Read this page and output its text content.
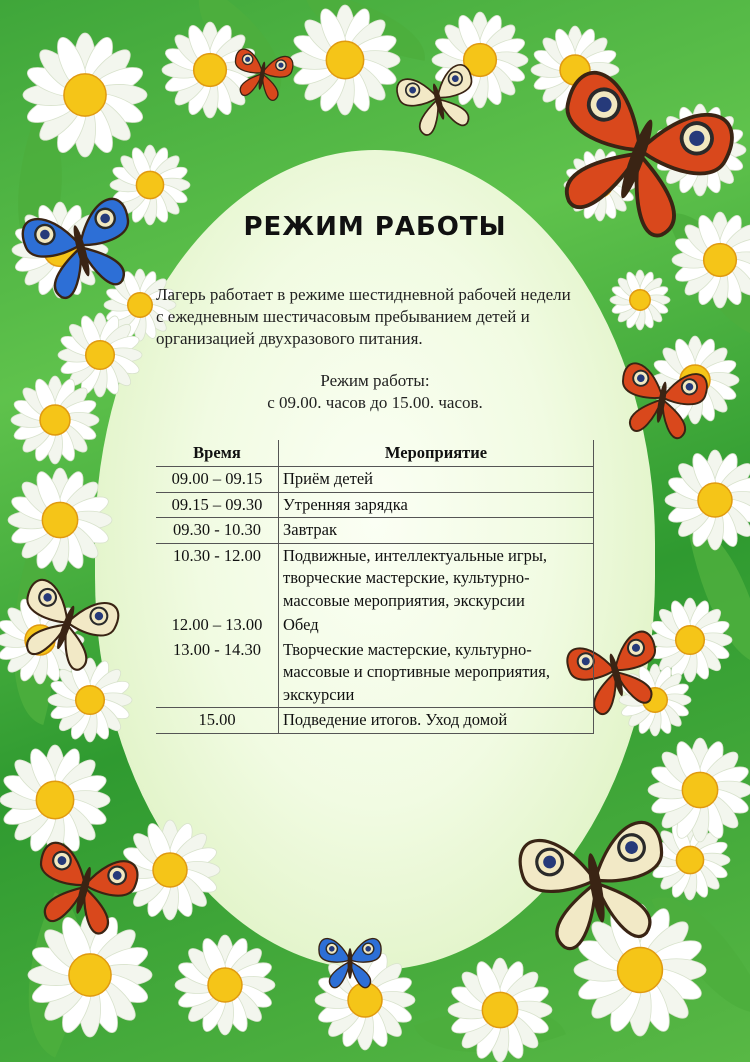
РЕЖИМ РАБОТЫ
Лагерь работает в режиме шестидневной рабочей недели
с ежедневным шестичасовым пребыванием детей и
организацией двухразового питания.
Режим работы:
с 09.00. часов до 15.00. часов.
Время	Мероприятие
09.00 – 09.15	Приём детей
09.15 – 09.30	Утренняя зарядка
09.30 - 10.30	Завтрак
10.30 - 12.00	Подвижные, интеллектуальные игры, творческие мастерские, культурно-массовые мероприятия, экскурсии
12.00 – 13.00	Обед
13.00 - 14.30	Творческие мастерские, культурно-массовые и спортивные мероприятия, экскурсии
15.00	Подведение итогов. Уход домой
